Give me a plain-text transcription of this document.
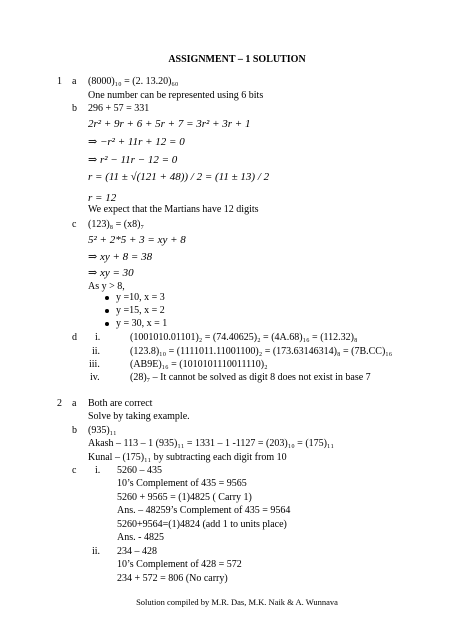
ASSIGNMENT – 1 SOLUTION
1 a (8000)₁₀ = (2. 13.20)₆₀
One number can be represented using 6 bits
b 296 + 57 = 331
2r² + 9r + 6 + 5r + 7 = 3r² + 3r + 1
⇒ −r² + 11r + 12 = 0
⇒ r² − 11r − 12 = 0
r = (11 ± √(121 + 48)) / 2 = (11 ± 13) / 2
r = 12
We expect that the Martians have 12 digits
c (123)₈ = (x8)₇
5² + 2*5 + 3 = xy + 8
⇒ xy + 8 = 38
⇒ xy = 30
As y > 8,
y =10, x = 3
y =15, x = 2
y = 30, x = 1
d i.	(1001010.01101)₂ = (74.40625)₂ = (4A.68)₁₆ = (112.32)₈
ii.	(123.8)₁₀ = (1111011.11001100)₂ = (173.63146314)₈ = (7B.CC)₁₆
iii.	(AB9E)₁₆ = (1010101110011110)₂
iv.	(28)₇ – It cannot be solved as digit 8 does not exist in base 7
2 a Both are correct
Solve by taking example.
b (935)₁₁
Akash – 113 – 1 (935)₁₁ = 1331 – 1 -1127 = (203)₁₀ = (175)₁₁
Kunal – (175)₁₁ by subtracting each digit from 10
c i. 5260 – 435
10’s Complement of 435 = 9565
5260 + 9565 = (1)4825 ( Carry 1)
Ans. – 48259’s Complement of 435 = 9564
5260+9564=(1)4824 (add 1 to units place)
Ans. - 4825
ii. 234 – 428
10’s Complement of 428 = 572
234 + 572 = 806 (No carry)
Solution compiled by M.R. Das, M.K. Naik & A. Wunnava
